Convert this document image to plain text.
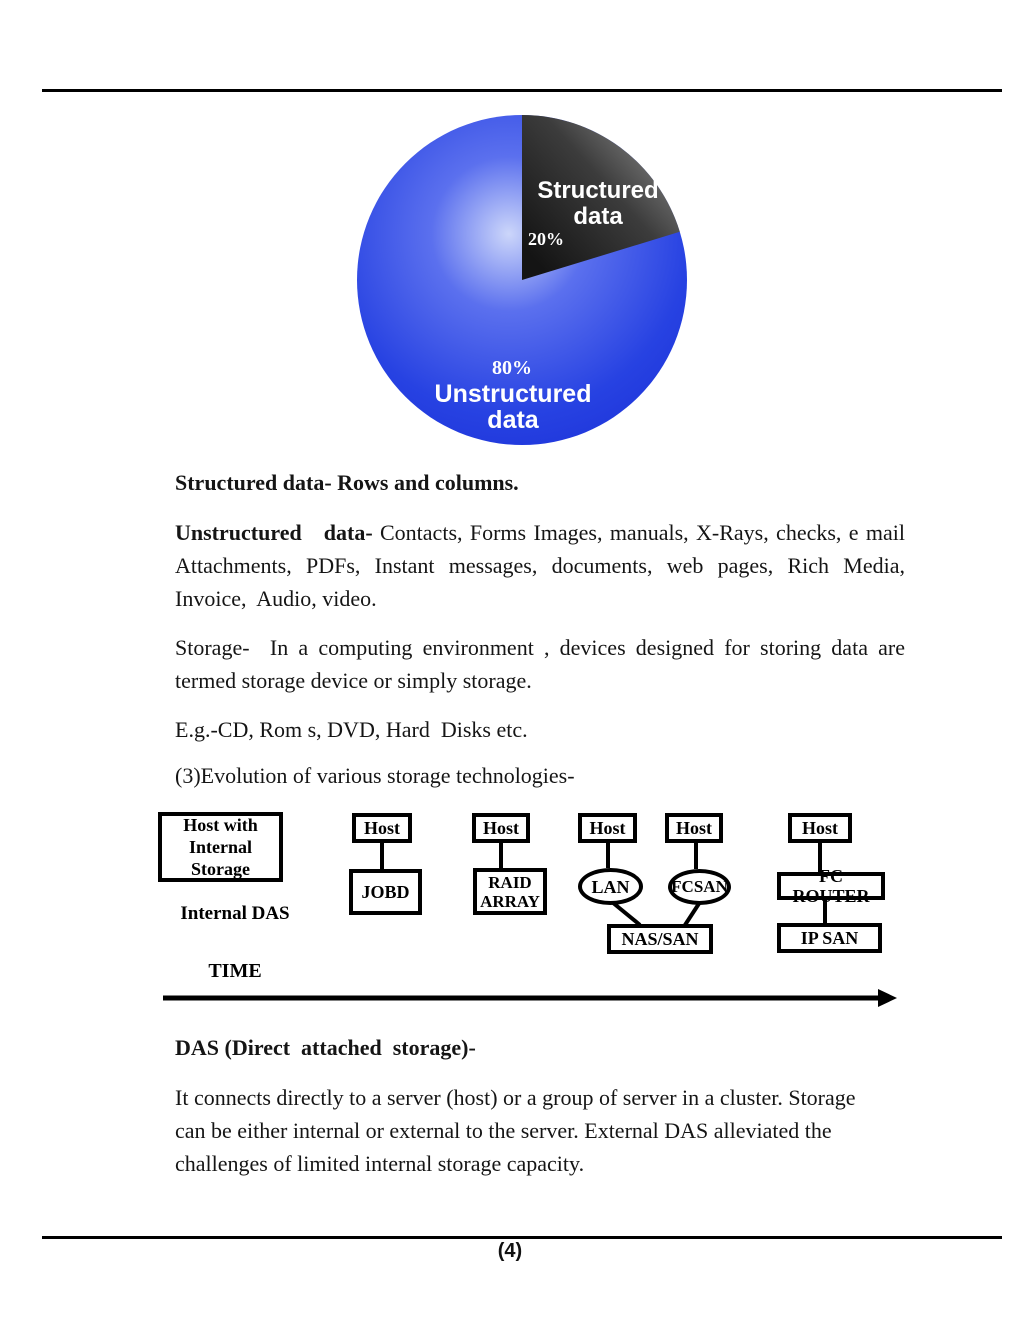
Structured
data
20%
80%
Unstructured
data

Structured data- Rows and columns.

Unstructured   data- Contacts, Forms Images, manuals, X-Rays, checks, e mail Attachments, PDFs, Instant messages, documents, web pages, Rich Media, Invoice,  Audio, video.

Storage-  In a computing environment , devices designed for storing data are termed storage device or simply storage.

E.g.-CD, Rom s, DVD, Hard  Disks etc.

(3)Evolution of various storage technologies-

Host with
Internal Storage
Internal DAS
Host
JOBD
Host
RAID
ARRAY
Host
LAN
Host
FCSAN
NAS/SAN
Host
FC ROUTER
IP SAN
TIME

DAS (Direct  attached  storage)-

It connects directly to a server (host) or a group of server in a cluster. Storage can be either internal or external to the server. External DAS alleviated the challenges of limited internal storage capacity.

(4)
